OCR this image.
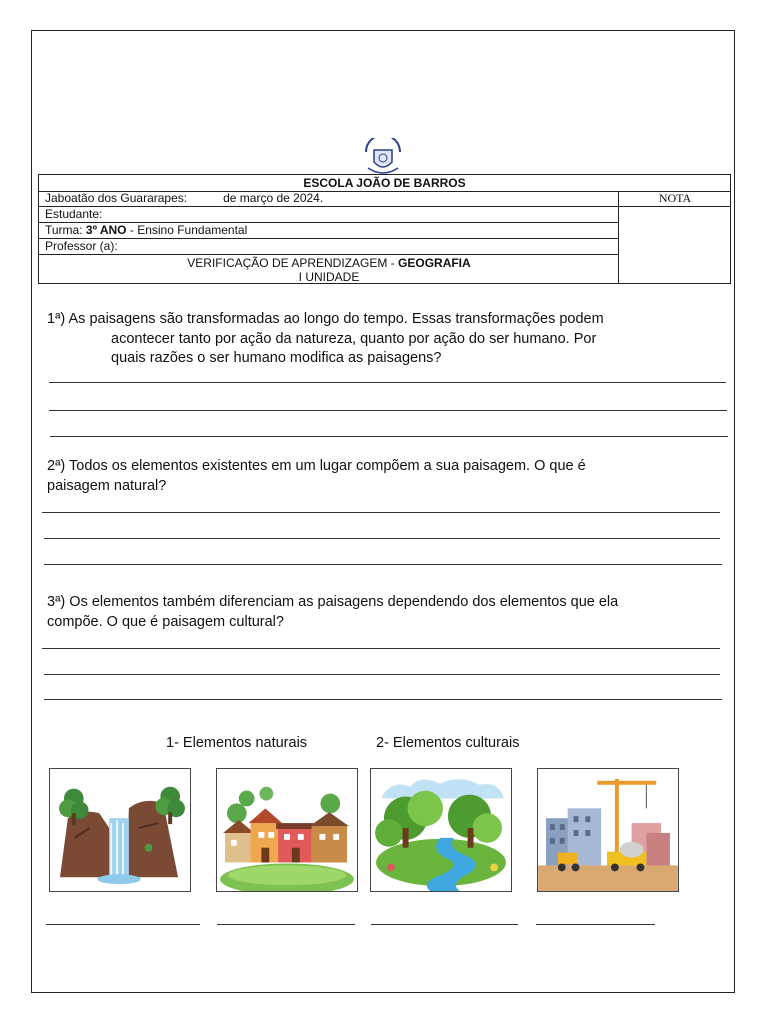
ESCOLA JOÃO DE BARROS
Jaboatão dos Guararapes:	de março de 2024.	NOTA
Estudante:
Turma: 3º ANO - Ensino Fundamental
Professor (a):
VERIFICAÇÃO DE APRENDIZAGEM - GEOGRAFIA
I UNIDADE
1ª) As paisagens são transformadas ao longo do tempo. Essas transformações podem
acontecer tanto por ação da natureza, quanto por ação do ser humano. Por
quais razões o ser humano modifica as paisagens?
2ª) Todos os elementos existentes em um lugar compõem a sua paisagem. O que é
paisagem natural?
3ª) Os elementos também diferenciam as paisagens dependendo dos elementos que ela
compõe. O que é paisagem cultural?
1- Elementos naturais	2- Elementos culturais
